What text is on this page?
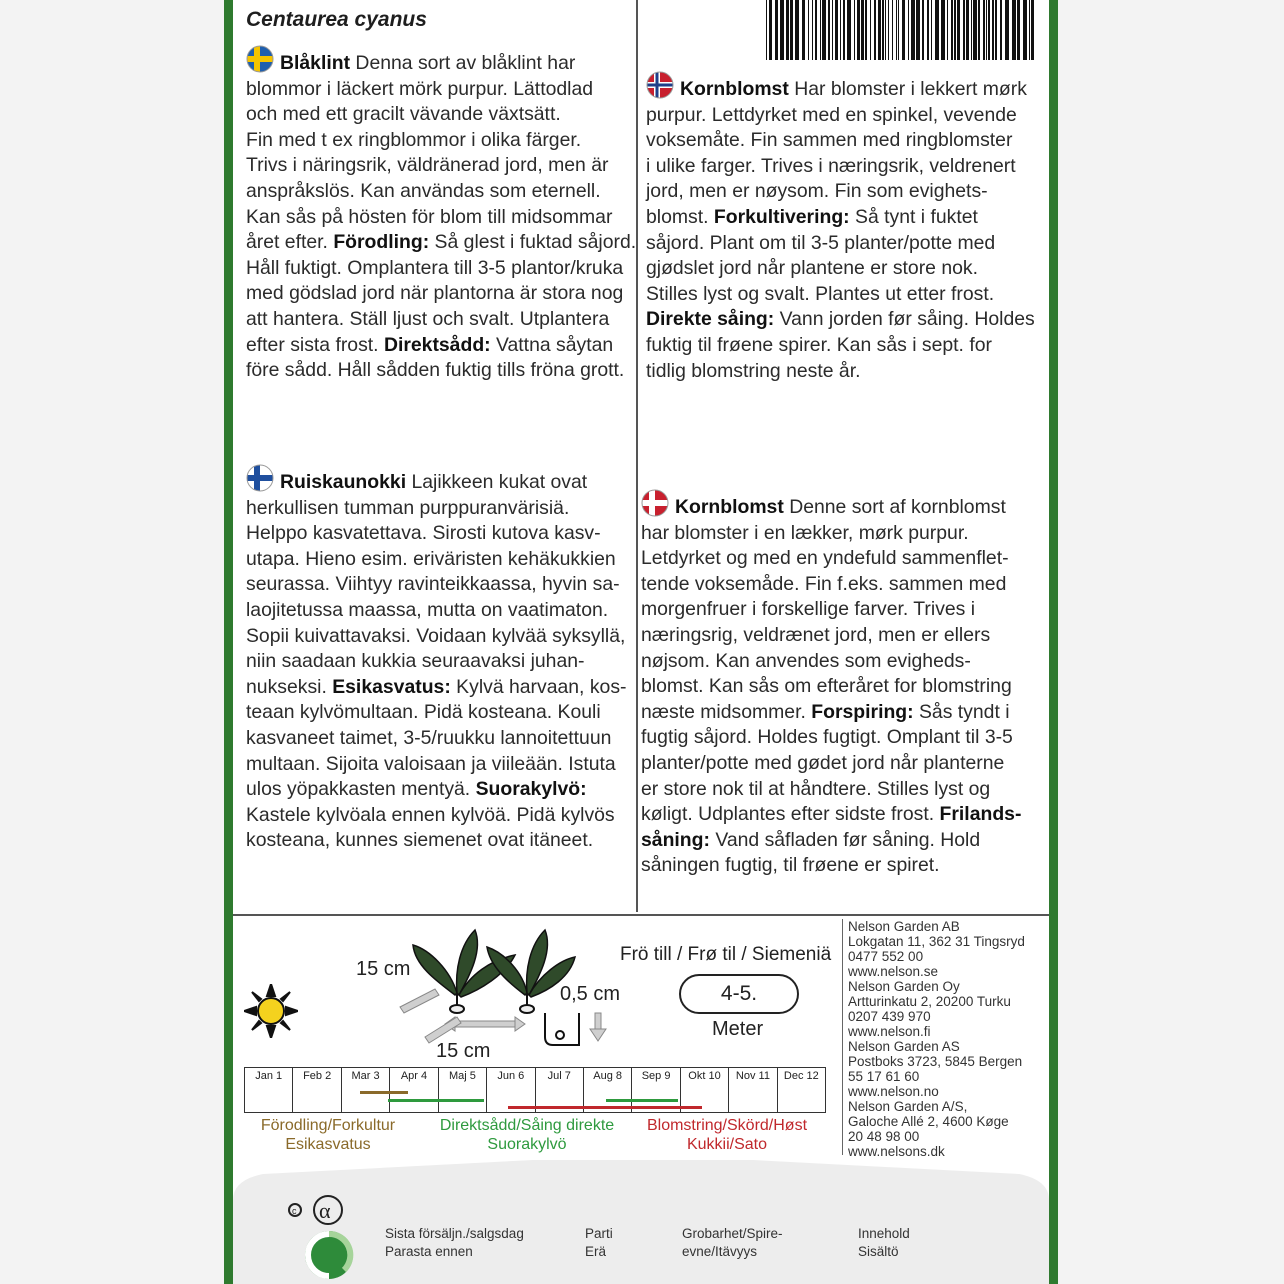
Centaurea cyanus
Blåklint Denna sort av blåklint har
blommor i läckert mörk purpur. Lättodlad
och med ett gracilt vävande växtsätt.
Fin med t ex ringblommor i olika färger.
Trivs i näringsrik, väldränerad jord, men är
anspråkslös. Kan användas som eternell.
Kan sås på hösten för blom till midsommar
året efter. Förodling: Så glest i fuktad såjord.
Håll fuktigt. Omplantera till 3-5 plantor/kruka
med gödslad jord när plantorna är stora nog
att hantera. Ställ ljust och svalt. Utplantera
efter sista frost. Direktsådd: Vattna såytan
före sådd. Håll sådden fuktig tills fröna grott.
Kornblomst Har blomster i lekkert mørk
purpur. Lettdyrket med en spinkel, vevende
voksemåte. Fin sammen med ringblomster
i ulike farger. Trives i næringsrik, veldrenert
jord, men er nøysom. Fin som evighets-
blomst. Forkultivering: Så tynt i fuktet
såjord. Plant om til 3-5 planter/potte med
gjødslet jord når plantene er store nok.
Stilles lyst og svalt. Plantes ut etter frost.
Direkte såing: Vann jorden før såing. Holdes
fuktig til frøene spirer. Kan sås i sept. for
tidlig blomstring neste år.
Ruiskaunokki Lajikkeen kukat ovat
herkullisen tumman purppuranvärisiä.
Helppo kasvatettava. Sirosti kutova kasv-
utapa. Hieno esim. eriväristen kehäkukkien
seurassa. Viihtyy ravinteikkaassa, hyvin sa-
laojitetussa maassa, mutta on vaatimaton.
Sopii kuivattavaksi. Voidaan kylvää syksyllä,
niin saadaan kukkia seuraavaksi juhan-
nukseksi. Esikasvatus: Kylvä harvaan, kos-
teaan kylvömultaan. Pidä kosteana. Kouli
kasvaneet taimet, 3-5/ruukku lannoitettuun
multaan. Sijoita valoisaan ja viileään. Istuta
ulos yöpakkasten mentyä. Suorakylvö:
Kastele kylvöala ennen kylvöä. Pidä kylvös
kosteana, kunnes siemenet ovat itäneet.
Kornblomst Denne sort af kornblomst
har blomster i en lækker, mørk purpur.
Letdyrket og med en yndefuld sammenflet-
tende voksemåde. Fin f.eks. sammen med
morgenfruer i forskellige farver. Trives i
næringsrig, veldrænet jord, men er ellers
nøjsom. Kan anvendes som evigheds-
blomst. Kan sås om efteråret for blomstring
næste midsommer. Forspiring: Sås tyndt i
fugtig såjord. Holdes fugtigt. Omplant til 3-5
planter/potte med gødet jord når planterne
er store nok til at håndtere. Stilles lyst og
køligt. Udplantes efter sidste frost. Frilands-
såning: Vand såfladen før såning. Hold
såningen fugtig, til frøene er spiret.
15 cm
15 cm
0,5 cm
Frö till / Frø til / Siemeniä
4-5.
Meter
Jan 1	Feb 2	Mar 3	Apr 4	Maj 5	Jun 6	Jul 7	Aug 8	Sep 9	Okt 10	Nov 11	Dec 12
Förodling/Forkultur
Esikasvatus
Direktsådd/Såing direkte
Suorakylvö
Blomstring/Skörd/Høst
Kukkii/Sato
Nelson Garden AB
Lokgatan 11, 362 31 Tingsryd
0477 552 00
www.nelson.se
Nelson Garden Oy
Artturinkatu 2, 20200 Turku
0207 439 970
www.nelson.fi
Nelson Garden AS
Postboks 3723, 5845 Bergen
55 17 61 60
www.nelson.no
Nelson Garden A/S,
Galoche Allé 2, 4600 Køge
20 48 98 00
www.nelsons.dk
c α
Sista försäljn./salgsdag
Parasta ennen
Parti
Erä
Grobarhet/Spire-
evne/Itävyys
Innehold
Sisältö
